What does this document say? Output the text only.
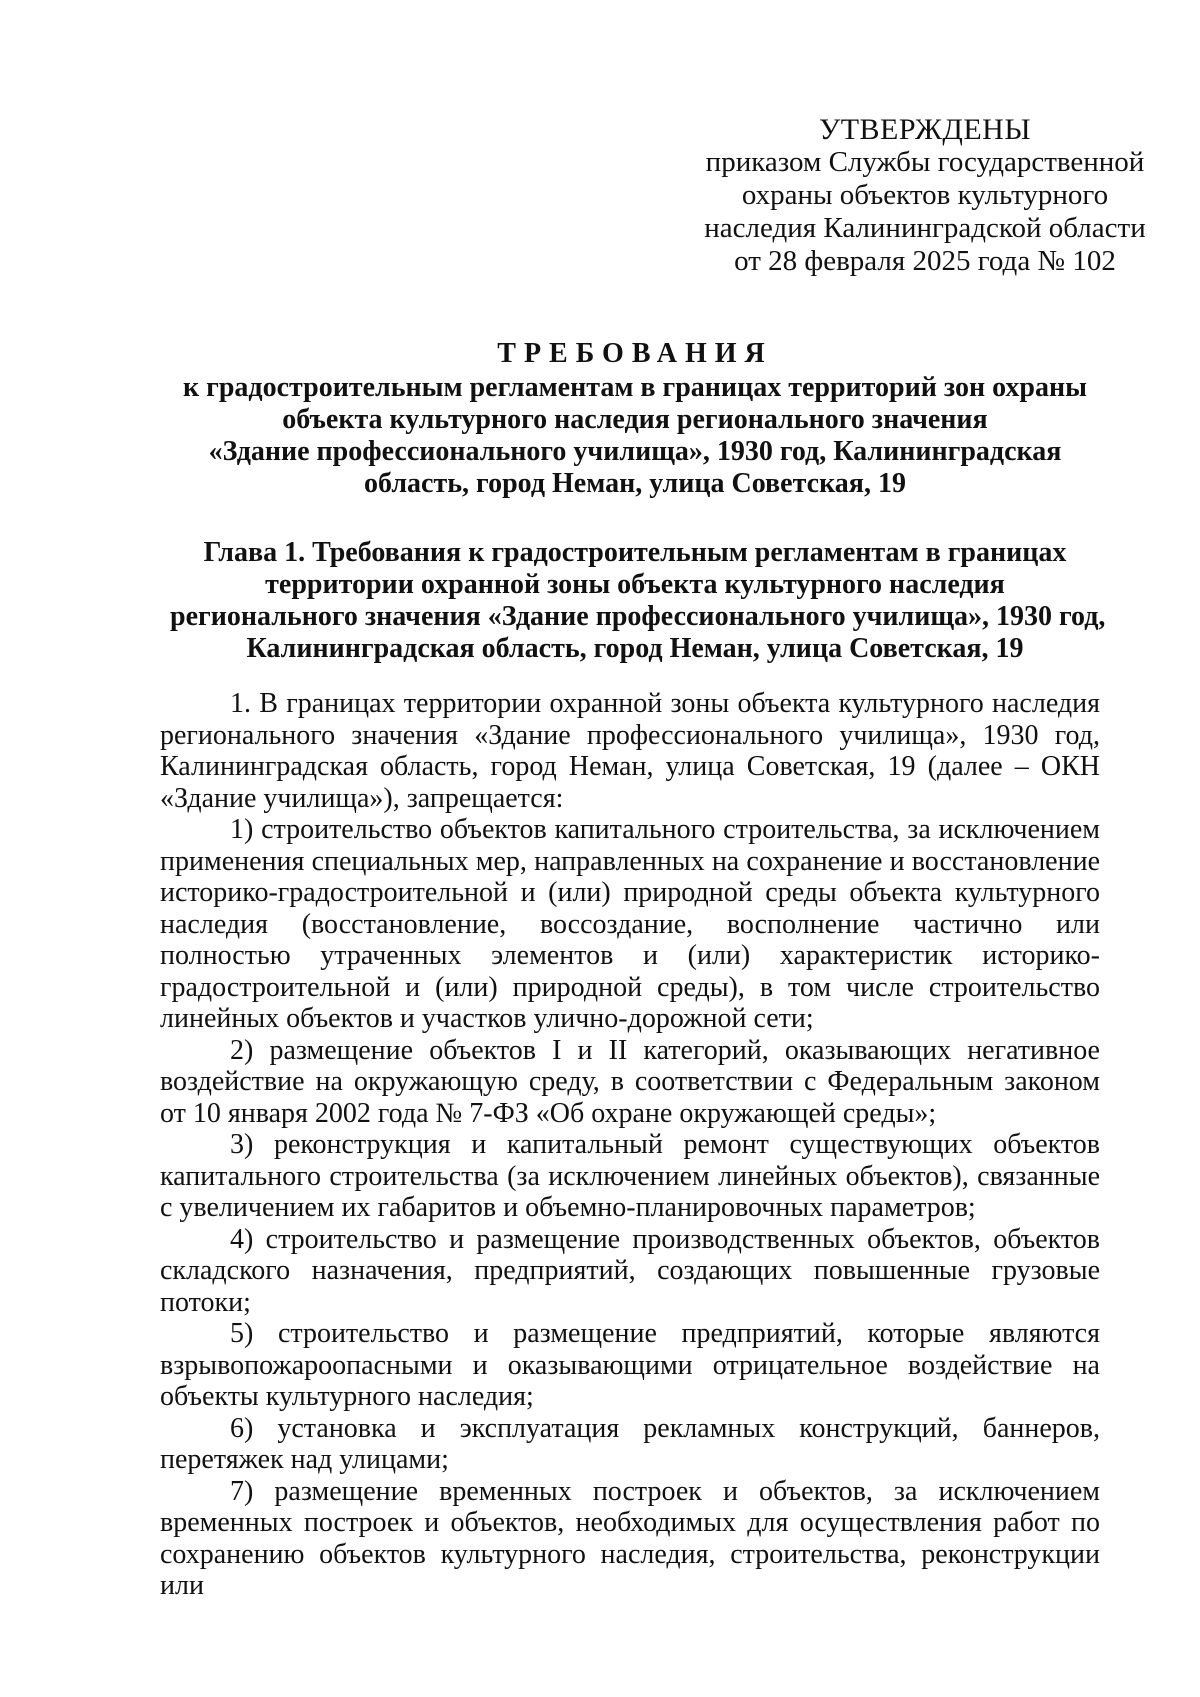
УТВЕРЖДЕНЫ
приказом Службы государственной
охраны объектов культурного
наследия Калининградской области
от 28 февраля 2025 года № 102
ТРЕБОВАНИЯ
к градостроительным регламентам в границах территорий зон охраны
объекта культурного наследия регионального значения
«Здание профессионального училища», 1930 год, Калининградская
область, город Неман, улица Советская, 19
Глава 1. Требования к градостроительным регламентам в границах
территории охранной зоны объекта культурного наследия
регионального значения «Здание профессионального училища», 1930 год,
Калининградская область, город Неман, улица Советская, 19

1. В границах территории охранной зоны объекта культурного наследия регионального значения «Здание профессионального училища», 1930 год, Калининградская область, город Неман, улица Советская, 19 (далее – ОКН «Здание училища»), запрещается:

1) строительство объектов капитального строительства, за исключением применения специальных мер, направленных на сохранение и восстановление историко-градостроительной и (или) природной среды объекта культурного наследия (восстановление, воссоздание, восполнение частично или полностью утраченных элементов и (или) характеристик историко-градостроительной и (или) природной среды), в том числе строительство линейных объектов и участков улично-дорожной сети;

2) размещение объектов I и II категорий, оказывающих негативное воздействие на окружающую среду, в соответствии с Федеральным законом от 10 января 2002 года № 7-ФЗ «Об охране окружающей среды»;

3) реконструкция и капитальный ремонт существующих объектов капитального строительства (за исключением линейных объектов), связанные с увеличением их габаритов и объемно-планировочных параметров;

4) строительство и размещение производственных объектов, объектов складского назначения, предприятий, создающих повышенные грузовые потоки;

5) строительство и размещение предприятий, которые являются взрывопожароопасными и оказывающими отрицательное воздействие на объекты культурного наследия;

6) установка и эксплуатация рекламных конструкций, баннеров, перетяжек над улицами;

7) размещение временных построек и объектов, за исключением временных построек и объектов, необходимых для осуществления работ по сохранению объектов культурного наследия, строительства, реконструкции или
